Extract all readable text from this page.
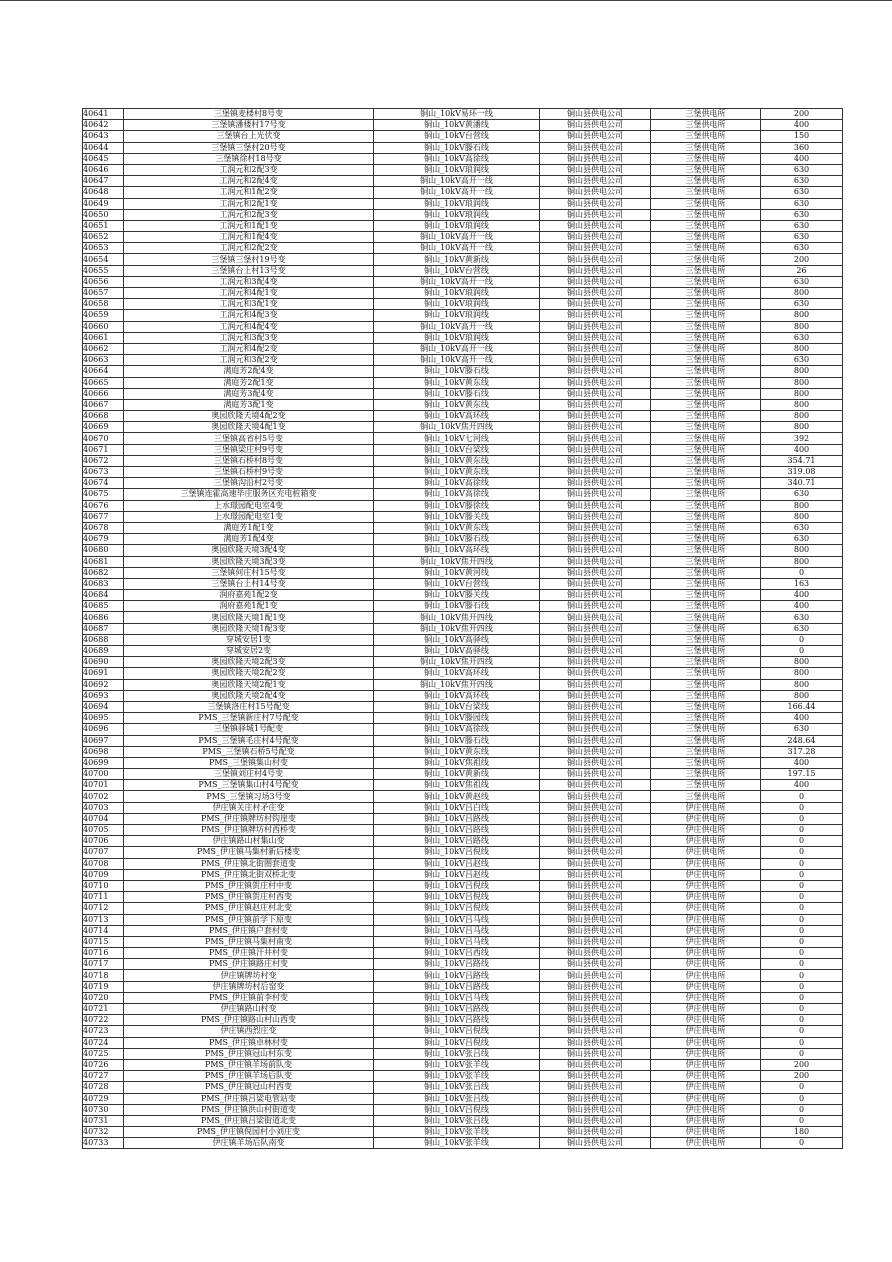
40641	三堡镇麦楼村8号变	铜山_10kV易环一线	铜山县供电公司	三堡供电所	200
40642	三堡镇潘楼村17号变	铜山_10kV黄潘线	铜山县供电公司	三堡供电所	400
40643	三堡镇台上光伏变	铜山_10kV台营线	铜山县供电公司	三堡供电所	150
40644	三堡镇三堡村20号变	铜山_10kV滕石线	铜山县供电公司	三堡供电所	360
40645	三堡镇徐村18号变	铜山_10kV高徐线	铜山县供电公司	三堡供电所	400
40646	工润元和2配3变	铜山_10kV琅润线	铜山县供电公司	三堡供电所	630
40647	工润元和2配4变	铜山_10kV高开一线	铜山县供电公司	三堡供电所	630
40648	工润元和1配2变	铜山_10kV高开一线	铜山县供电公司	三堡供电所	630
40649	工润元和2配1变	铜山_10kV琅润线	铜山县供电公司	三堡供电所	630
40650	工润元和2配3变	铜山_10kV琅润线	铜山县供电公司	三堡供电所	630
40651	工润元和1配1变	铜山_10kV琅润线	铜山县供电公司	三堡供电所	630
40652	工润元和1配4变	铜山_10kV高开一线	铜山县供电公司	三堡供电所	630
40653	工润元和2配2变	铜山_10kV高开一线	铜山县供电公司	三堡供电所	630
40654	三堡镇三堡村19号变	铜山_10kV黄新线	铜山县供电公司	三堡供电所	200
40655	三堡镇台上村13号变	铜山_10kV台营线	铜山县供电公司	三堡供电所	26
40656	工润元和3配4变	铜山_10kV高开一线	铜山县供电公司	三堡供电所	630
40657	工润元和4配1变	铜山_10kV琅润线	铜山县供电公司	三堡供电所	800
40658	工润元和3配1变	铜山_10kV琅润线	铜山县供电公司	三堡供电所	630
40659	工润元和4配3变	铜山_10kV琅润线	铜山县供电公司	三堡供电所	800
40660	工润元和4配4变	铜山_10kV高开一线	铜山县供电公司	三堡供电所	800
40661	工润元和3配3变	铜山_10kV琅润线	铜山县供电公司	三堡供电所	630
40662	工润元和4配2变	铜山_10kV高开一线	铜山县供电公司	三堡供电所	800
40663	工润元和3配2变	铜山_10kV高开一线	铜山县供电公司	三堡供电所	630
40664	满庭芳2配4变	铜山_10kV滕石线	铜山县供电公司	三堡供电所	800
40665	满庭芳2配1变	铜山_10kV黄东线	铜山县供电公司	三堡供电所	800
40666	满庭芳3配4变	铜山_10kV滕石线	铜山县供电公司	三堡供电所	800
40667	满庭芳3配1变	铜山_10kV黄东线	铜山县供电公司	三堡供电所	800
40668	奥园欣隆天境4配2变	铜山_10kV高环线	铜山县供电公司	三堡供电所	800
40669	奥园欣隆天境4配1变	铜山_10kV焦开四线	铜山县供电公司	三堡供电所	800
40670	三堡镇高省村5号变	铜山_10kV七河线	铜山县供电公司	三堡供电所	392
40671	三堡镇梁庄村9号变	铜山_10kV台梁线	铜山县供电公司	三堡供电所	400
40672	三堡镇石桥村8号变	铜山_10kV黄东线	铜山县供电公司	三堡供电所	354.71
40673	三堡镇石桥村9号变	铜山_10kV黄东线	铜山县供电公司	三堡供电所	319.08
40674	三堡镇沟沿村2号变	铜山_10kV高徐线	铜山县供电公司	三堡供电所	340.71
40675	三堡镇连霍高速毕庄服务区充电桩箱变	铜山_10kV高徐线	铜山县供电公司	三堡供电所	630
40676	上水璟园配电室4变	铜山_10kV滕徐线	铜山县供电公司	三堡供电所	800
40677	上水璟园配电室1变	铜山_10kV滕关线	铜山县供电公司	三堡供电所	800
40678	满庭芳1配1变	铜山_10kV黄东线	铜山县供电公司	三堡供电所	630
40679	满庭芳1配4变	铜山_10kV滕石线	铜山县供电公司	三堡供电所	630
40680	奥园欣隆天境3配4变	铜山_10kV高环线	铜山县供电公司	三堡供电所	800
40681	奥园欣隆天境3配3变	铜山_10kV焦开四线	铜山县供电公司	三堡供电所	800
40682	三堡镇何庄村15号变	铜山_10kV黄河线	铜山县供电公司	三堡供电所	0
40683	三堡镇台上村14号变	铜山_10kV台营线	铜山县供电公司	三堡供电所	163
40684	润府嘉苑1配2变	铜山_10kV滕关线	铜山县供电公司	三堡供电所	400
40685	润府嘉苑1配1变	铜山_10kV滕石线	铜山县供电公司	三堡供电所	400
40686	奥园欣隆天境1配1变	铜山_10kV焦开四线	铜山县供电公司	三堡供电所	630
40687	奥园欣隆天境1配3变	铜山_10kV焦开四线	铜山县供电公司	三堡供电所	630
40688	穿城安居1变	铜山_10kV高驿线	铜山县供电公司	三堡供电所	0
40689	穿城安居2变	铜山_10kV高驿线	铜山县供电公司	三堡供电所	0
40690	奥园欣隆天境2配3变	铜山_10kV焦开四线	铜山县供电公司	三堡供电所	800
40691	奥园欣隆天境2配2变	铜山_10kV高环线	铜山县供电公司	三堡供电所	800
40692	奥园欣隆天境2配1变	铜山_10kV焦开四线	铜山县供电公司	三堡供电所	800
40693	奥园欣隆天境2配4变	铜山_10kV高环线	铜山县供电公司	三堡供电所	800
40694	三堡镇洛庄村15号配变	铜山_10kV台梁线	铜山县供电公司	三堡供电所	166.44
40695	PMS_三堡镇新庄村7号配变	铜山_10kV滕园线	铜山县供电公司	三堡供电所	400
40696	三堡镇驿城1号配变	铜山_10kV高徐线	铜山县供电公司	三堡供电所	630
40697	PMS_三堡镇毛庄村4号配变	铜山_10kV滕石线	铜山县供电公司	三堡供电所	248.64
40698	PMS_三堡镇石桥5号配变	铜山_10kV黄东线	铜山县供电公司	三堡供电所	317.28
40699	PMS_三堡镇集山村变	铜山_10kV焦祖线	铜山县供电公司	三堡供电所	400
40700	三堡镇刘庄村4号变	铜山_10kV黄新线	铜山县供电公司	三堡供电所	197.15
40701	PMS_三堡镇集山村4号配变	铜山_10kV焦祖线	铜山县供电公司	三堡供电所	400
40702	PMS_三堡镇习场3号变	铜山_10kV黄赵线	铜山县供电公司	三堡供电所	0
40703	伊庄镇关庄村矛庄变	铜山_10kV吕白线	铜山县供电公司	伊庄供电所	0
40704	PMS_伊庄镇牌坊村钩崖变	铜山_10kV吕路线	铜山县供电公司	伊庄供电所	0
40705	PMS_伊庄镇牌坊村西桥变	铜山_10kV吕路线	铜山县供电公司	伊庄供电所	0
40706	伊庄镇路山村集山变	铜山_10kV吕路线	铜山县供电公司	伊庄供电所	0
40707	PMS_伊庄镇马集村新后楼变	铜山_10kV吕倪线	铜山县供电公司	伊庄供电所	0
40708	PMS_伊庄镇北街圈套道变	铜山_10kV吕赵线	铜山县供电公司	伊庄供电所	0
40709	PMS_伊庄镇北街双桥北变	铜山_10kV吕赵线	铜山县供电公司	伊庄供电所	0
40710	PMS_伊庄镇贺庄村中变	铜山_10kV吕倪线	铜山县供电公司	伊庄供电所	0
40711	PMS_伊庄镇贺庄村西变	铜山_10kV吕倪线	铜山县供电公司	伊庄供电所	0
40712	PMS_伊庄镇赵庄村北变	铜山_10kV吕倪线	铜山县供电公司	伊庄供电所	0
40713	PMS_伊庄镇前学下原变	铜山_10kV吕马线	铜山县供电公司	伊庄供电所	0
40714	PMS_伊庄镇户套村变	铜山_10kV吕马线	铜山县供电公司	伊庄供电所	0
40715	PMS_伊庄镇马集村南变	铜山_10kV吕马线	铜山县供电公司	伊庄供电所	0
40716	PMS_伊庄镇汗井村变	铜山_10kV吕西线	铜山县供电公司	伊庄供电所	0
40717	PMS_伊庄镇路庄村变	铜山_10kV吕路线	铜山县供电公司	伊庄供电所	0
40718	伊庄镇牌坊村变	铜山_10kV吕路线	铜山县供电公司	伊庄供电所	0
40719	伊庄镇牌坊村后窑变	铜山_10kV吕路线	铜山县供电公司	伊庄供电所	0
40720	PMS_伊庄镇前李村变	铜山_10kV吕马线	铜山县供电公司	伊庄供电所	0
40721	伊庄镇路山村变	铜山_10kV吕路线	铜山县供电公司	伊庄供电所	0
40722	PMS_伊庄镇路山村山西变	铜山_10kV吕路线	铜山县供电公司	伊庄供电所	0
40723	伊庄镇西烈庄变	铜山_10kV吕倪线	铜山县供电公司	伊庄供电所	0
40724	PMS_伊庄镇卓林村变	铜山_10kV吕倪线	铜山县供电公司	伊庄供电所	0
40725	PMS_伊庄镇冠山村东变	铜山_10kV张吕线	铜山县供电公司	伊庄供电所	0
40726	PMS_伊庄镇羊场前队变	铜山_10kV张羊线	铜山县供电公司	伊庄供电所	200
40727	PMS_伊庄镇羊场后队变	铜山_10kV张羊线	铜山县供电公司	伊庄供电所	200
40728	PMS_伊庄镇冠山村西变	铜山_10kV张吕线	铜山县供电公司	伊庄供电所	0
40729	PMS_伊庄镇吕梁电管站变	铜山_10kV张吕线	铜山县供电公司	伊庄供电所	0
40730	PMS_伊庄镇洪山村街道变	铜山_10kV吕倪线	铜山县供电公司	伊庄供电所	0
40731	PMS_伊庄镇吕梁街道北变	铜山_10kV张吕线	铜山县供电公司	伊庄供电所	0
40732	PMS_伊庄镇倪园村小刘庄变	铜山_10kV张羊线	铜山县供电公司	伊庄供电所	180
40733	伊庄镇羊场后队南变	铜山_10kV张羊线	铜山县供电公司	伊庄供电所	0
